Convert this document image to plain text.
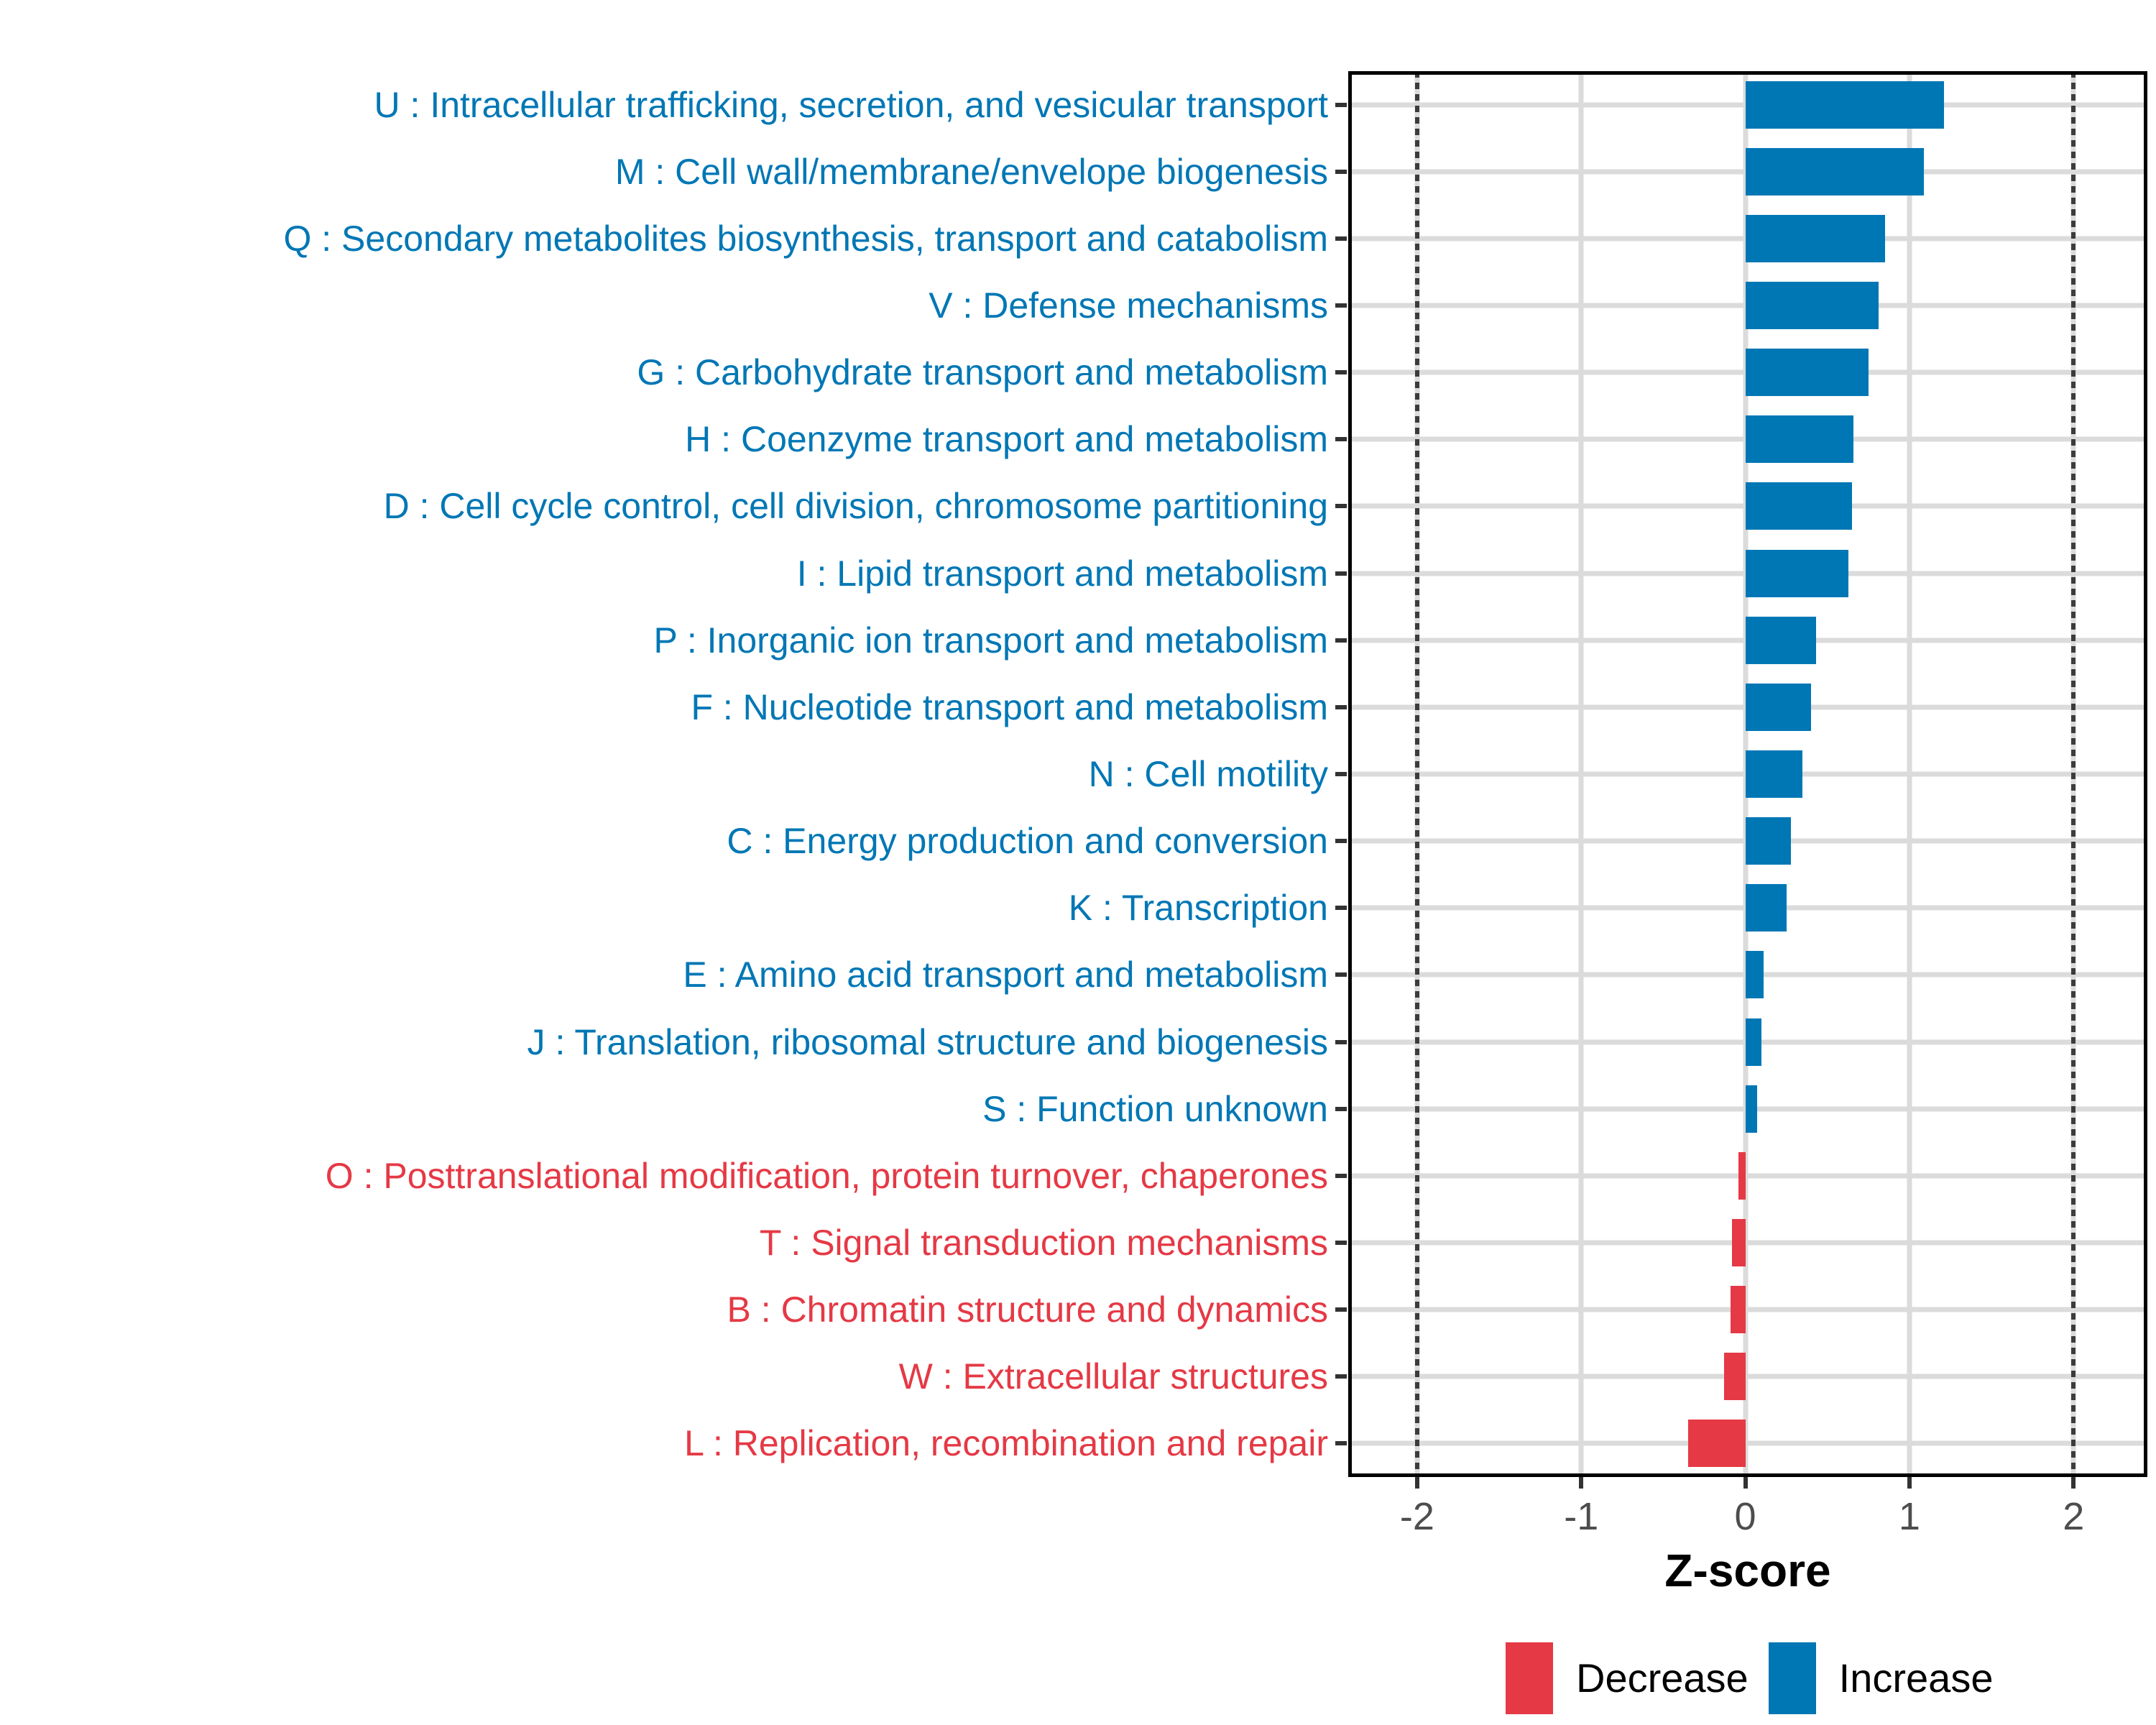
Z-score
Decrease Increase
U : Intracellular trafficking, secretion, and vesicular transport
M : Cell wall/membrane/envelope biogenesis
Q : Secondary metabolites biosynthesis, transport and catabolism
V : Defense mechanisms
G : Carbohydrate transport and metabolism
H : Coenzyme transport and metabolism
D : Cell cycle control, cell division, chromosome partitioning
I : Lipid transport and metabolism
P : Inorganic ion transport and metabolism
F : Nucleotide transport and metabolism
N : Cell motility
C : Energy production and conversion
K : Transcription
E : Amino acid transport and metabolism
J : Translation, ribosomal structure and biogenesis
S : Function unknown
O : Posttranslational modification, protein turnover, chaperones
T : Signal transduction mechanisms
B : Chromatin structure and dynamics
W : Extracellular structures
L : Replication, recombination and repair
-2	-1	0	1	2
